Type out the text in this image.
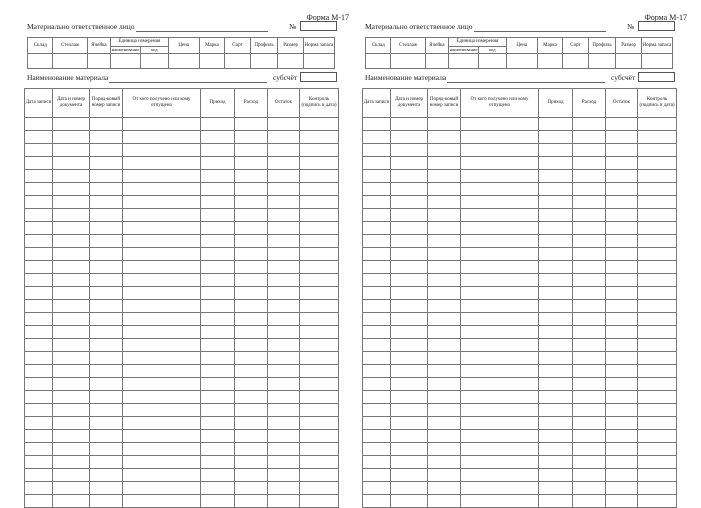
Форма М-17
Материально ответственное лицо	№
Склад	Стеллаж	Ячейка	Единица измерения		Цена	Марка	Сорт	Профиль	Размер	Норма запаса
			наименование	код						

Наименование материала	субсчёт
Дата записи	Дата и номер документа	Поряд-ковый номер записи	От кого получено или кому отпущено	Приход	Расход	Остаток	Контроль (подпись и дата)

Форма М-17
Материально ответственное лицо	№
Склад	Стеллаж	Ячейка	Единица измерения		Цена	Марка	Сорт	Профиль	Размер	Норма запаса
			наименование	код						

Наименование материала	субсчёт
Дата записи	Дата и номер документа	Поряд-ковый номер записи	От кого получено или кому отпущено	Приход	Расход	Остаток	Контроль (подпись и дата)
